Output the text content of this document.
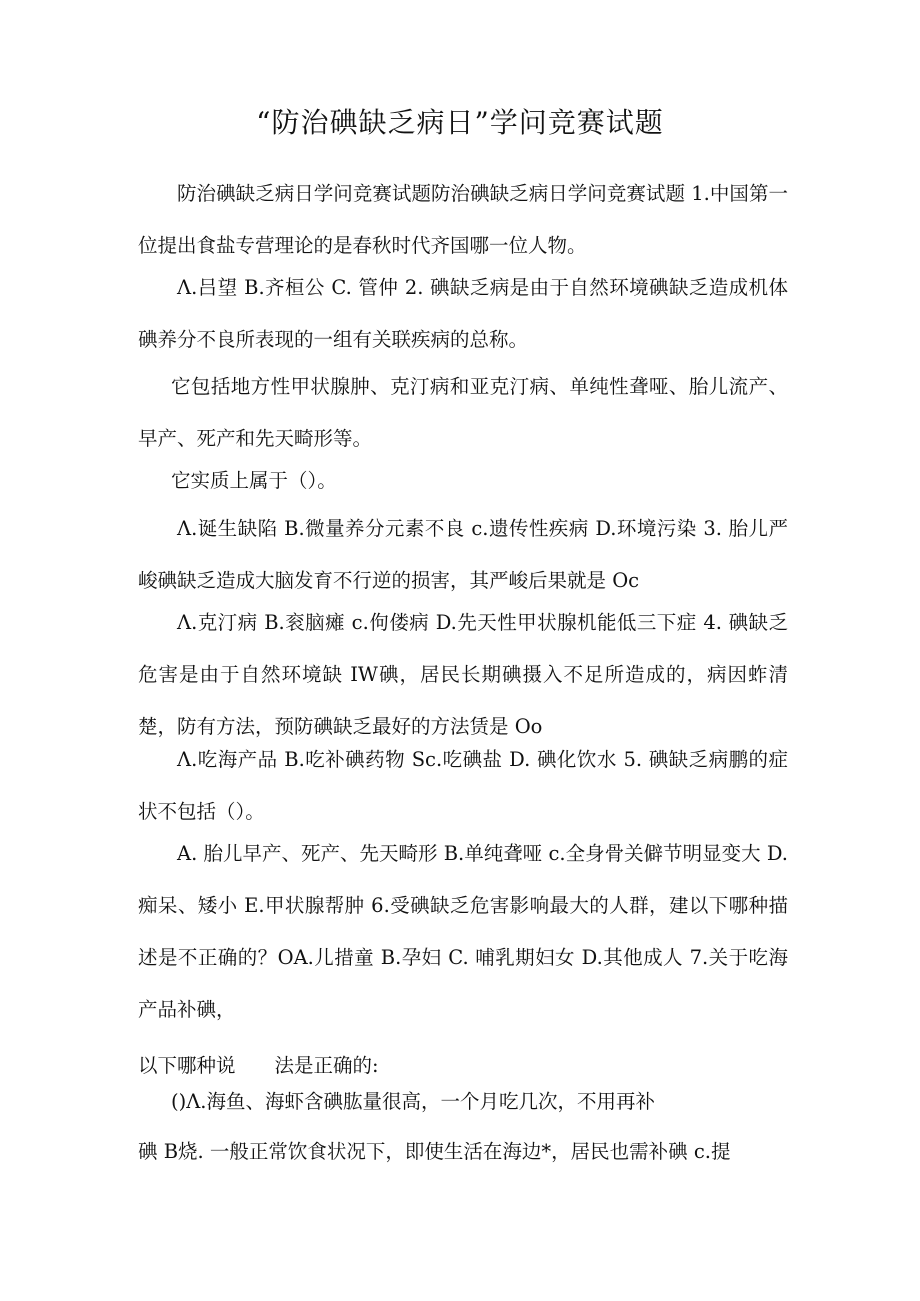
“防治碘缺乏病日”学问竞赛试题

防治碘缺乏病日学问竞赛试题防治碘缺乏病日学问竞赛试题 1.中国第一位提出食盐专营理论的是春秋时代齐国哪一位人物。

Λ.吕望 B.齐桓公 C. 管仲 2. 碘缺乏病是由于自然环境碘缺乏造成机体碘养分不良所表现的一组有关联疾病的总称。

它包括地方性甲状腺肿、克汀病和亚克汀病、单纯性聋哑、胎儿流产、早产、死产和先天畸形等。

它实质上属于（）。

Λ.诞生缺陷 B.微量养分元素不良 c.遗传性疾病 D.环境污染 3. 胎儿严峻碘缺乏造成大脑发育不行逆的损害，其严峻后果就是 Oc

Λ.克汀病 B.衮脑瘫 c.佝偻病 D.先天性甲状腺机能低三下症 4. 碘缺乏危害是由于自然环境缺 IW碘，居民长期碘摄入不足所造成的，病因蚱清楚，防有方法，预防碘缺乏最好的方法赁是 Oo

Λ.吃海产品 B.吃补碘药物 Sc.吃碘盐 D. 碘化饮水 5. 碘缺乏病鹏的症状不包括（）。

A. 胎儿早产、死产、先天畸形 B.单纯聋哑 c.全身骨关僻节明显变大 D.痴呆、矮小 E.甲状腺帮肿 6.受碘缺乏危害影响最大的人群，建以下哪种描述是不正确的？OA.儿措童 B.孕妇 C. 哺乳期妇女 D.其他成人 7.关于吃海产品补碘，

以下哪种说　　法是正确的:

()Λ.海鱼、海虾含碘肱量很高，一个月吃几次，不用再补

碘 B烧. 一般正常饮食状况下，即使生活在海边*，居民也需补碘 c.提
